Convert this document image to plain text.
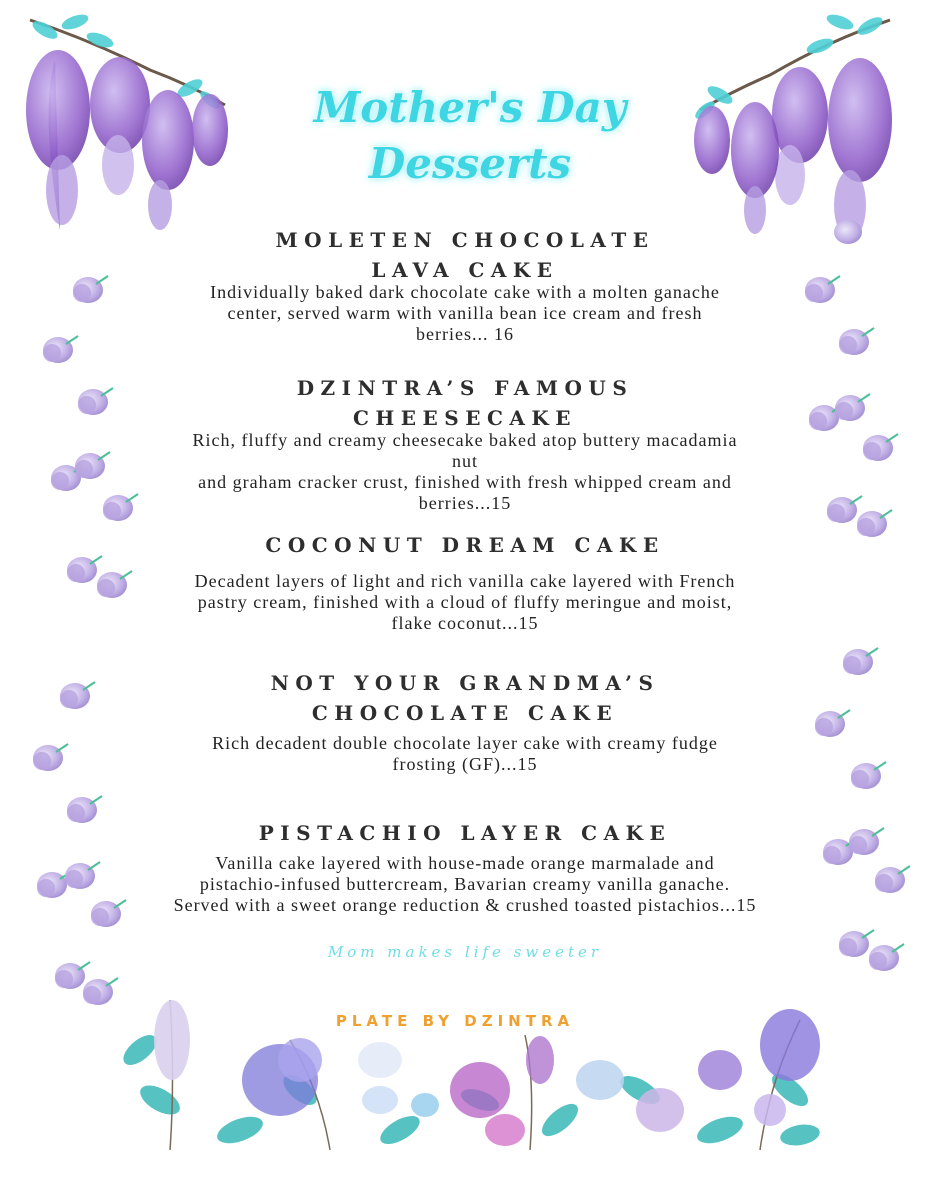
Mother's Day
Desserts
MOLETEN CHOCOLATE
LAVA CAKE
Individually baked dark chocolate cake with a molten ganache
center, served warm with vanilla bean ice cream and fresh
berries... 16
DZINTRA’S FAMOUS
CHEESECAKE
Rich, fluffy and creamy cheesecake baked atop buttery macadamia
nut
and graham cracker crust, finished with fresh whipped cream and
berries...15
COCONUT DREAM CAKE
Decadent layers of light and rich vanilla cake layered with French
pastry cream, finished with a cloud of fluffy meringue and moist,
flake coconut...15
NOT YOUR GRANDMA’S
CHOCOLATE CAKE
Rich decadent double chocolate layer cake with creamy fudge
frosting (GF)...15
PISTACHIO LAYER CAKE
Vanilla cake layered with house-made orange marmalade and
pistachio-infused buttercream, Bavarian creamy vanilla ganache.
Served with a sweet orange reduction & crushed toasted pistachios...15
Mom makes life sweeter
PLATE BY DZINTRA
